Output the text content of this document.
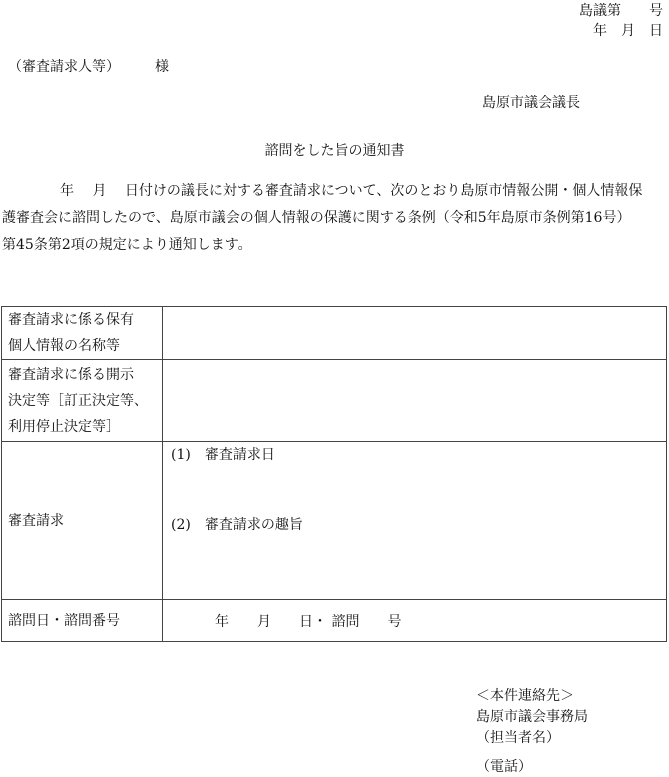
島議第　　号
年　月　日
（審査請求人等）　　　様
島原市議会議長
諮問をした旨の通知書
年　 月　 日付けの議長に対する審査請求について、次のとおり島原市情報公開・個人情報保
護審査会に諮問したので、島原市議会の個人情報の保護に関する条例（令和5年島原市条例第16号）
第45条第2項の規定により通知します。
審査請求に係る保有
個人情報の名称等	

審査請求に係る開示
決定等［訂正決定等、
利用停止決定等］	

審査請求	(1)　審査請求日
(2)　審査請求の趣旨

諮問日・諮問番号	年　　月　　日・ 諮問　　号
＜本件連絡先＞
島原市議会事務局
（担当者名）
（電話）
